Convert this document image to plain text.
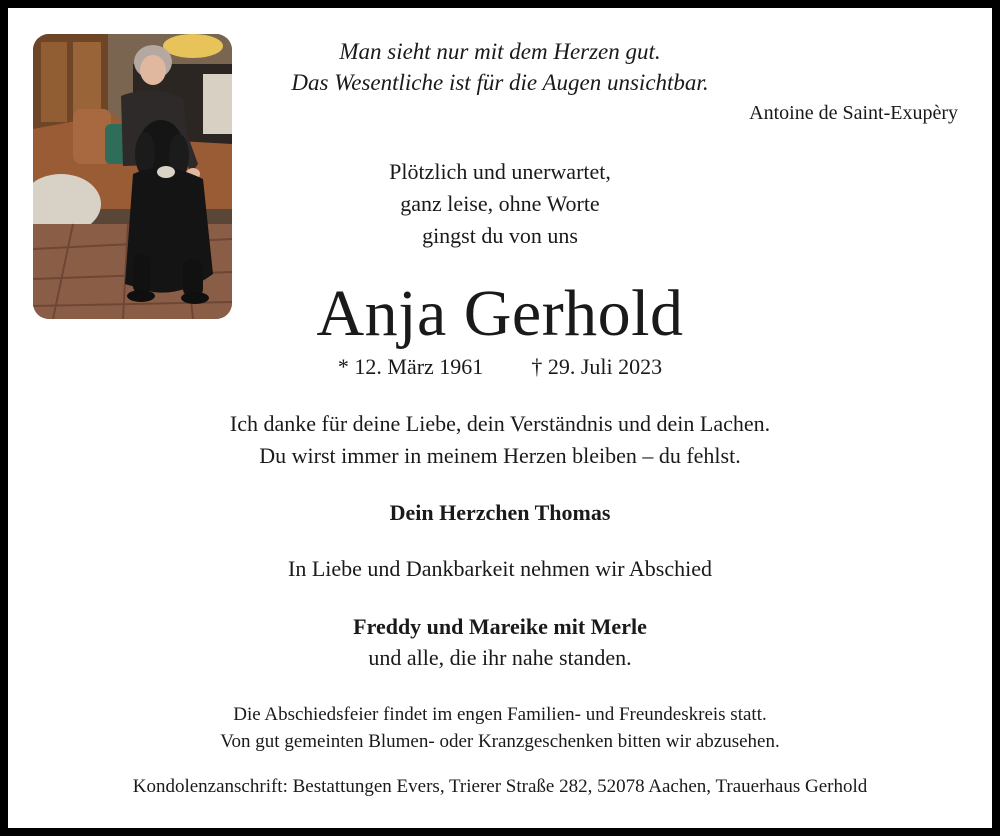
Man sieht nur mit dem Herzen gut.
Das Wesentliche ist für die Augen unsichtbar.
Antoine de Saint-Exupèry
Plötzlich und unerwartet,
ganz leise, ohne Worte
gingst du von uns
Anja Gerhold
* 12. März 1961 † 29. Juli 2023
Ich danke für deine Liebe, dein Verständnis und dein Lachen.
Du wirst immer in meinem Herzen bleiben – du fehlst.
Dein Herzchen Thomas
In Liebe und Dankbarkeit nehmen wir Abschied
Freddy und Mareike mit Merle
und alle, die ihr nahe standen.
Die Abschiedsfeier findet im engen Familien- und Freundeskreis statt.
Von gut gemeinten Blumen- oder Kranzgeschenken bitten wir abzusehen.
Kondolenzanschrift: Bestattungen Evers, Trierer Straße 282, 52078 Aachen, Trauerhaus Gerhold
